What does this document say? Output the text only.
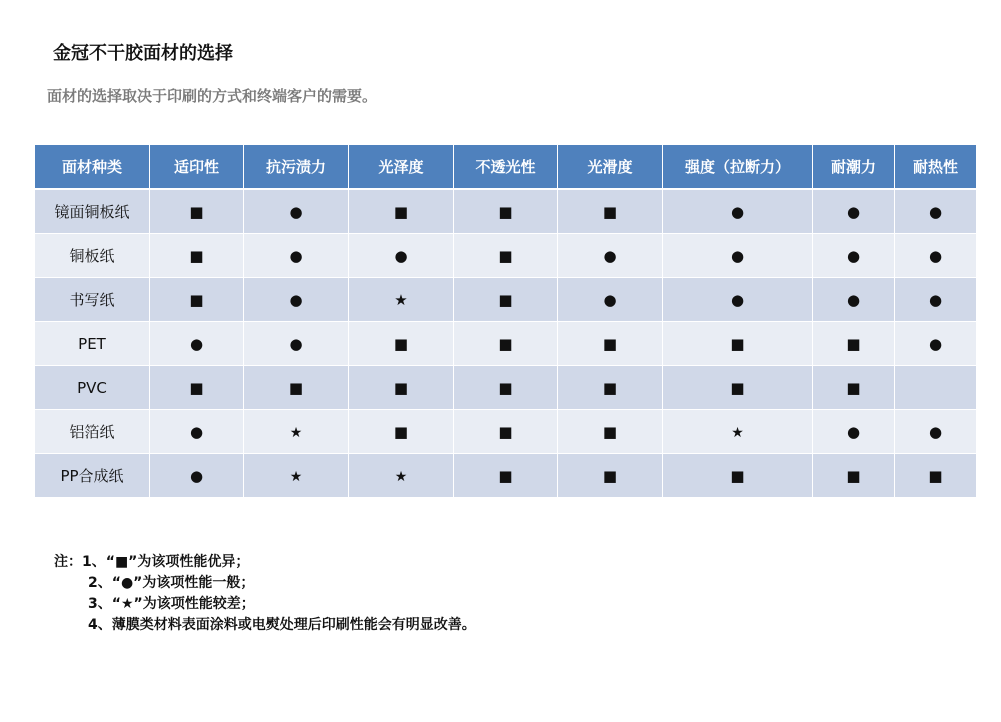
金冠不干胶面材的选择
面材的选择取决于印刷的方式和终端客户的需要。
面材种类	适印性	抗污渍力	光泽度	不透光性	光滑度	强度（拉断力）	耐潮力	耐热性
镜面铜板纸	■	●	■	■	■	●	●	●
铜板纸	■	●	●	■	●	●	●	●
书写纸	■	●	★	■	●	●	●	●
PET	●	●	■	■	■	■	■	●
PVC	■	■	■	■	■	■	■	
铝箔纸	●	★	■	■	■	★	●	●
PP合成纸	●	★	★	■	■	■	■	■
注：1、“■”为该项性能优异；
2、“●”为该项性能一般；
3、“★”为该项性能较差；
4、薄膜类材料表面涂料或电熨处理后印刷性能会有明显改善。
